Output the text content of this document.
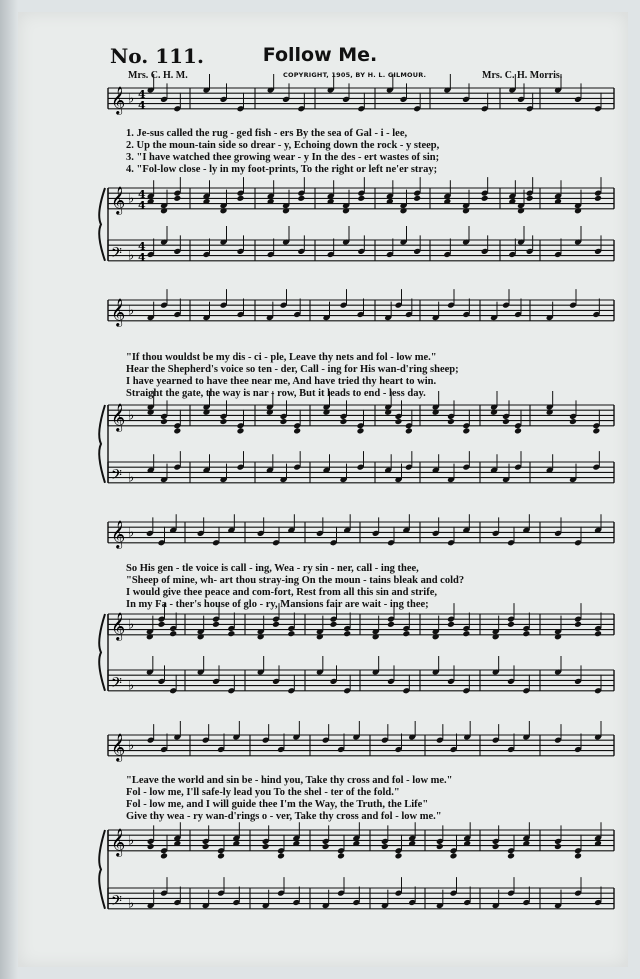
No. 111.	Follow Me.
Mrs. C. H. M.	COPYRIGHT, 1905, BY H. L. GILMOUR.	Mrs. C. H. Morris.
𝄞 ♭
𝄞 ♭
𝄢 ♭
𝄞 ♭
𝄞 ♭
𝄢 ♭
𝄞 ♭
𝄞 ♭
𝄢 ♭
𝄞 ♭
𝄞 ♭
𝄢 ♭
4
4
4
4
4
4
1. Je-sus called the rug - ged fish - ers By the sea of Gal - i - lee,
2. Up the moun-tain side so drear - y, Echoing down the rock - y steep,
3. "I have watched thee growing wear - y In the des - ert wastes of sin;
4. "Fol-low close - ly in my foot-prints, To the right or left ne'er stray;
"If thou wouldst be my dis - ci - ple, Leave thy nets and fol - low me."
Hear the Shepherd's voice so ten - der, Call - ing for His wan-d'ring sheep;
I have yearned to have thee near me, And have tried thy heart to win.
Straight the gate, the way is nar - row, But it leads to end - less day.
So His gen - tle voice is call - ing, Wea - ry sin - ner, call - ing thee,
"Sheep of mine, wh- art thou stray-ing On the moun - tains bleak and cold?
I would give thee peace and com-fort, Rest from all this sin and strife,
In my Fa - ther's house of glo - ry, Mansions fair are wait - ing thee;
"Leave the world and sin be - hind you, Take thy cross and fol - low me."
Fol - low me, I'll safe-ly lead you To the shel - ter of the fold."
Fol - low me, and I will guide thee I'm the Way, the Truth, the Life"
Give thy wea - ry wan-d'rings o - ver, Take thy cross and fol - low me."
